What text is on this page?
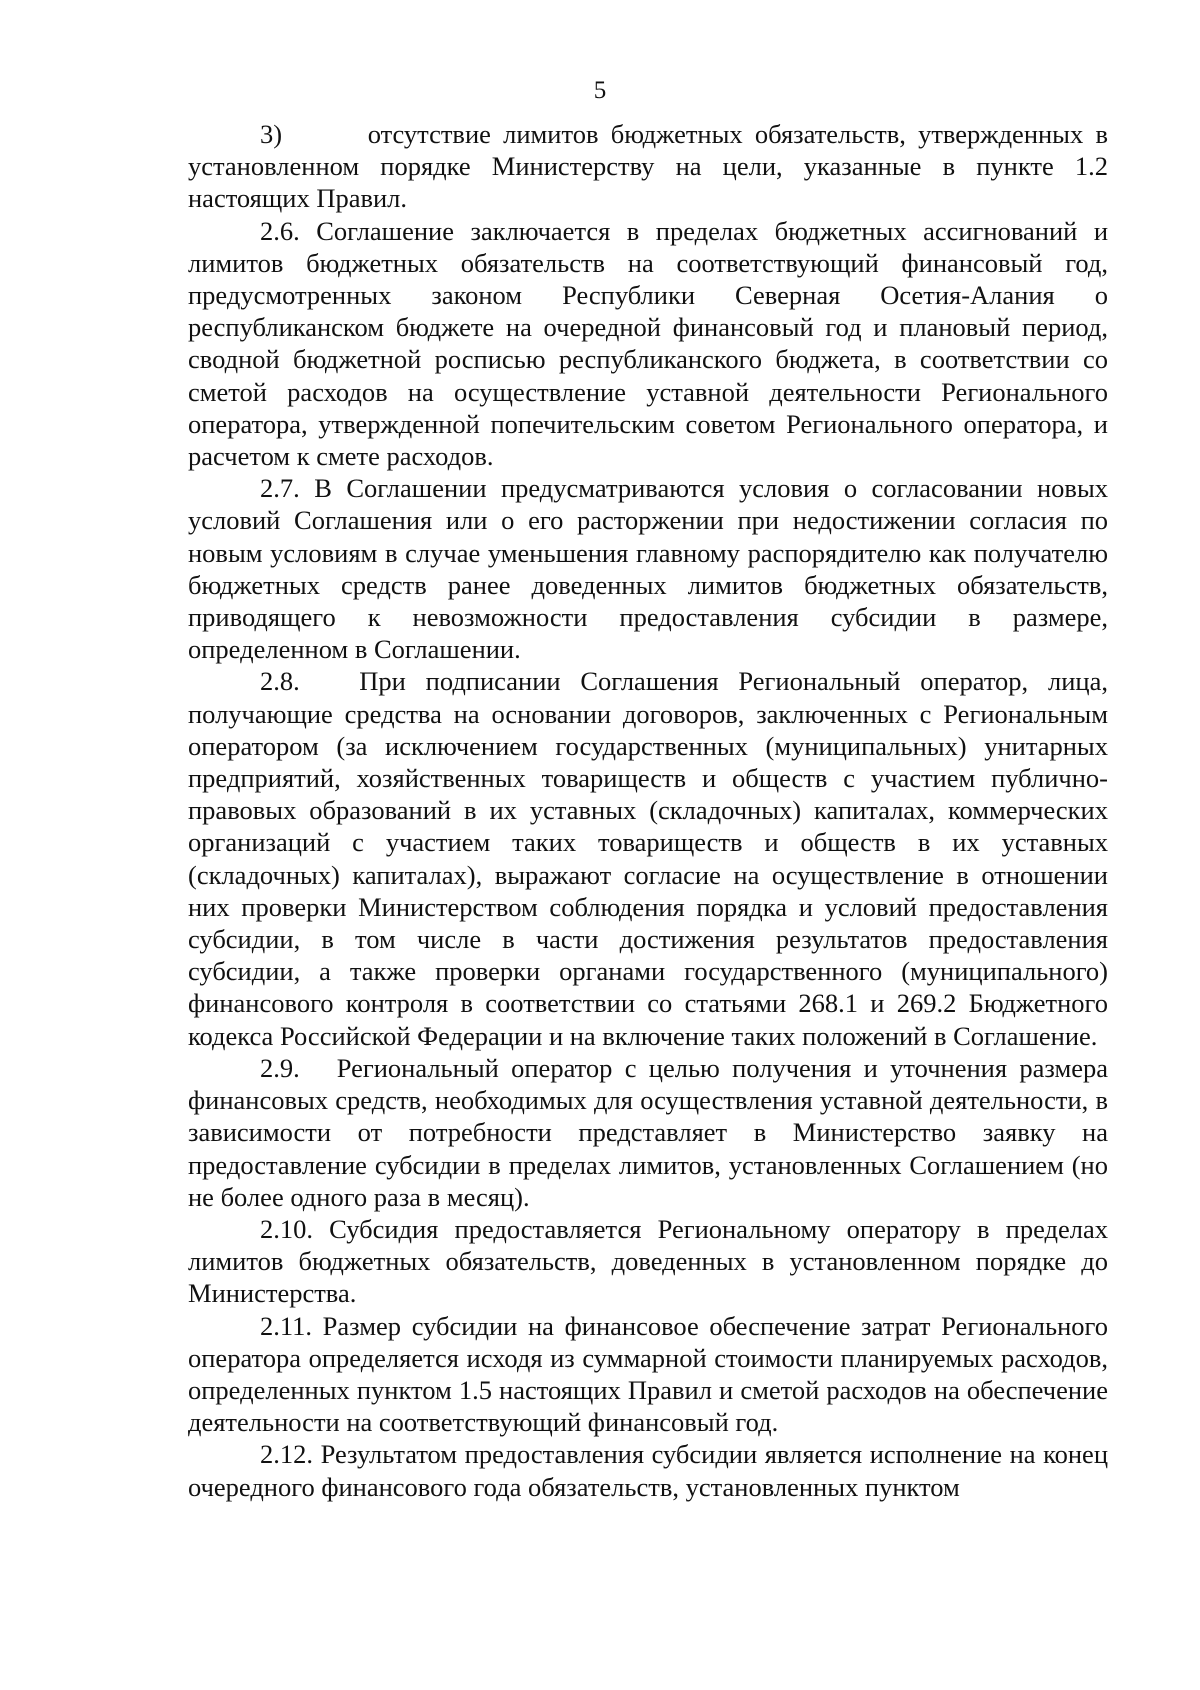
5

3)       отсутствие лимитов бюджетных обязательств, утвержденных в установленном порядке Министерству на цели, указанные в пункте 1.2 настоящих Правил.

2.6. Соглашение заключается в пределах бюджетных ассигнований и лимитов бюджетных обязательств на соответствующий финансовый год, предусмотренных законом Республики Северная Осетия-Алания о республиканском бюджете на очередной финансовый год и плановый период, сводной бюджетной росписью республиканского бюджета, в соответствии со сметой расходов на осуществление уставной деятельности Регионального оператора, утвержденной попечительским советом Регионального оператора, и расчетом к смете расходов.

2.7. В Соглашении предусматриваются условия о согласовании новых условий Соглашения или о его расторжении при недостижении согласия по новым условиям в случае уменьшения главному распорядителю как получателю бюджетных средств ранее доведенных лимитов бюджетных обязательств, приводящего к невозможности предоставления субсидии в размере, определенном в Соглашении.

2.8.   При подписании Соглашения Региональный оператор, лица, получающие средства на основании договоров, заключенных с Региональным оператором (за исключением государственных (муниципальных) унитарных предприятий, хозяйственных товариществ и обществ с участием публично-правовых образований в их уставных (складочных) капиталах, коммерческих организаций с участием таких товариществ и обществ в их уставных (складочных) капиталах), выражают согласие на осуществление в отношении них проверки Министерством соблюдения порядка и условий предоставления субсидии, в том числе в части достижения результатов предоставления субсидии, а также проверки органами государственного (муниципального) финансового контроля в соответствии со статьями 268.1 и 269.2 Бюджетного кодекса Российской Федерации и на включение таких положений в Соглашение.

2.9.   Региональный оператор с целью получения и уточнения размера финансовых средств, необходимых для осуществления уставной деятельности, в зависимости от потребности представляет в Министерство заявку на предоставление субсидии в пределах лимитов, установленных Соглашением (но не более одного раза в месяц).

2.10. Субсидия предоставляется Региональному оператору в пределах лимитов бюджетных обязательств, доведенных в установленном порядке до Министерства.

2.11. Размер субсидии на финансовое обеспечение затрат Регионального оператора определяется исходя из суммарной стоимости планируемых расходов, определенных пунктом 1.5 настоящих Правил и сметой расходов на обеспечение деятельности на соответствующий финансовый год.

2.12. Результатом предоставления субсидии является исполнение на конец очередного финансового года обязательств, установленных пунктом
